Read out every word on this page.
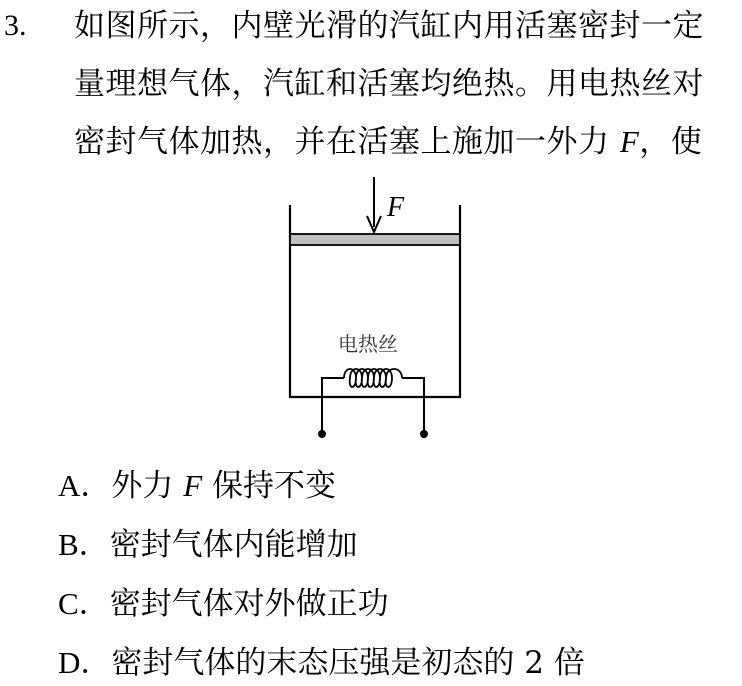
3. 如图所示，内壁光滑的汽缸内用活塞密封一定
量理想气体，汽缸和活塞均绝热。用电热丝对
密封气体加热，并在活塞上施加一外力 F，使
F
电热丝
A．外力 F 保持不变
B．密封气体内能增加
C．密封气体对外做正功
D．密封气体的末态压强是初态的 2 倍
